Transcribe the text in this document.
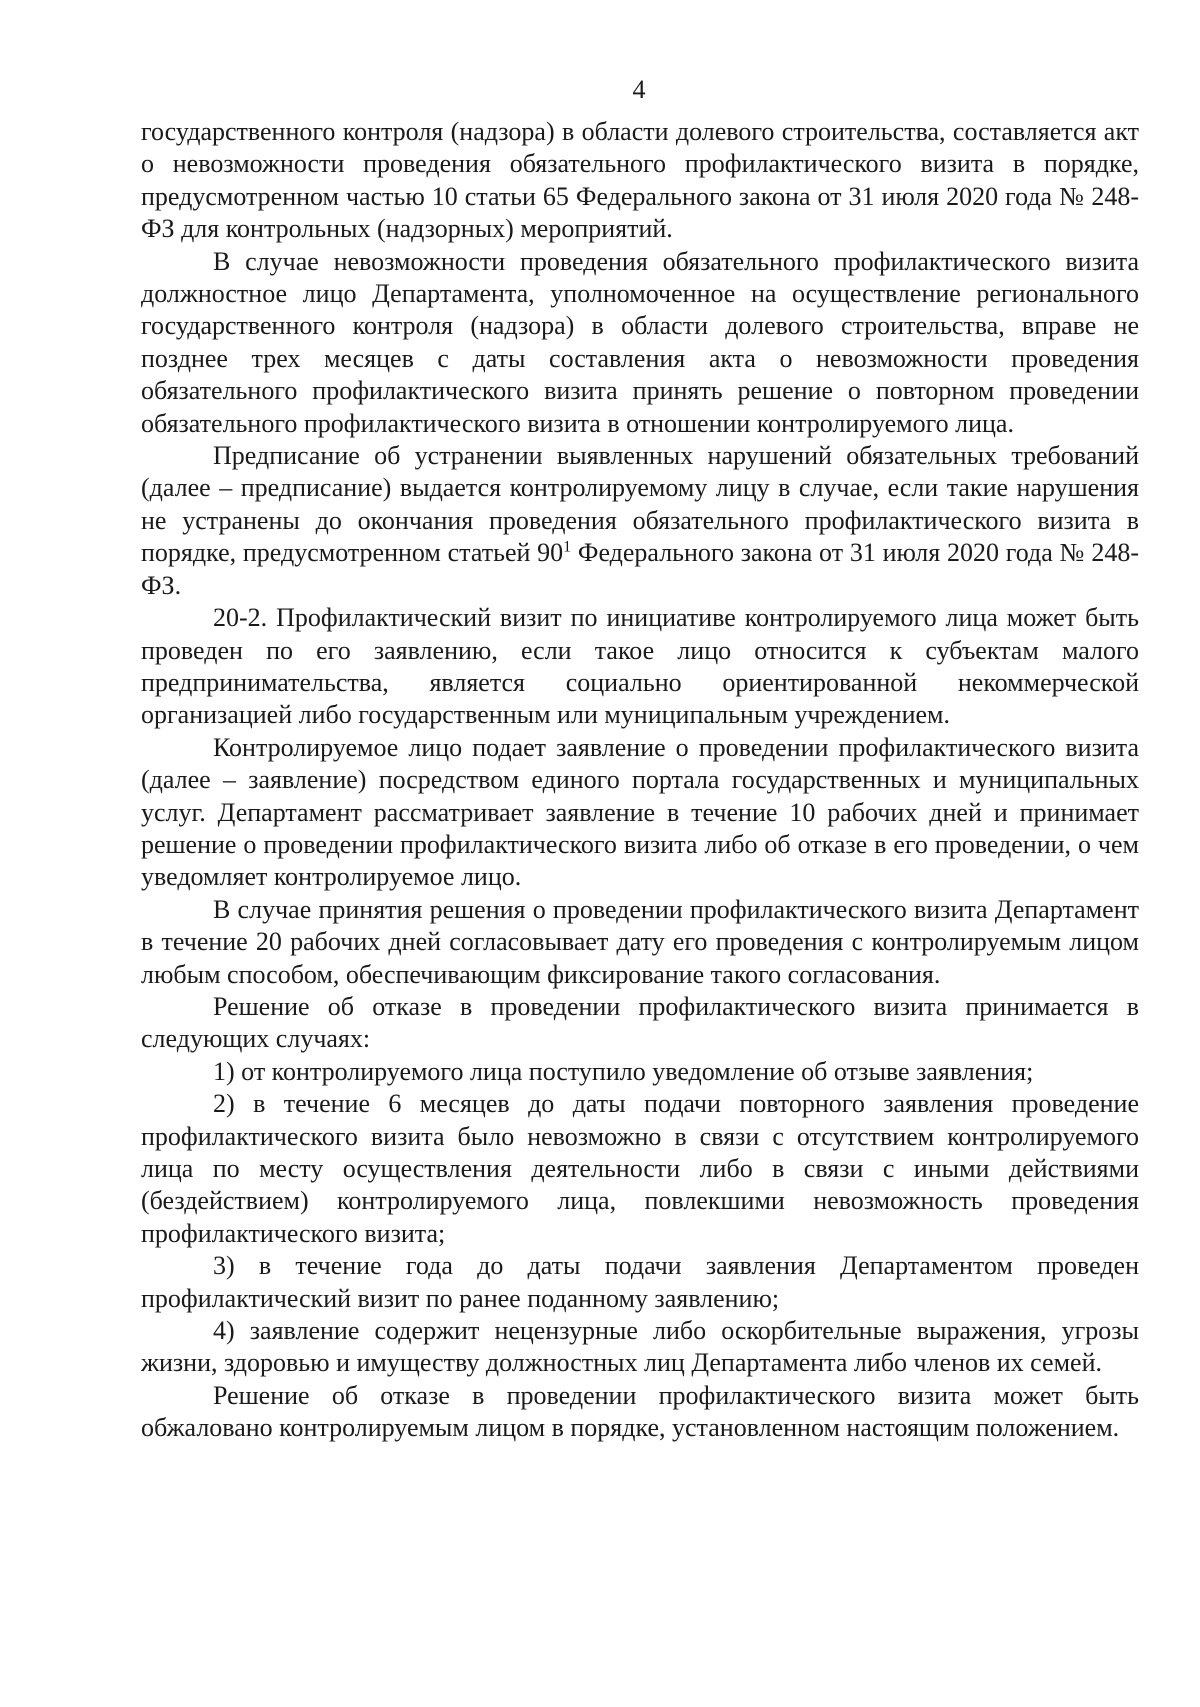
4

государственного контроля (надзора) в области долевого строительства, составляется акт о невозможности проведения обязательного профилактического визита в порядке, предусмотренном частью 10 статьи 65 Федерального закона от 31 июля 2020 года № 248-ФЗ для контрольных (надзорных) мероприятий.

В случае невозможности проведения обязательного профилактического визита должностное лицо Департамента, уполномоченное на осуществление регионального государственного контроля (надзора) в области долевого строительства, вправе не позднее трех месяцев с даты составления акта о невозможности проведения обязательного профилактического визита принять решение о повторном проведении обязательного профилактического визита в отношении контролируемого лица.

Предписание об устранении выявленных нарушений обязательных требований (далее – предписание) выдается контролируемому лицу в случае, если такие нарушения не устранены до окончания проведения обязательного профилактического визита в порядке, предусмотренном статьей $90^1$ Федерального закона от 31 июля 2020 года № 248-ФЗ.

20-2. Профилактический визит по инициативе контролируемого лица может быть проведен по его заявлению, если такое лицо относится к субъектам малого предпринимательства, является социально ориентированной некоммерческой организацией либо государственным или муниципальным учреждением.

Контролируемое лицо подает заявление о проведении профилактического визита (далее – заявление) посредством единого портала государственных и муниципальных услуг. Департамент рассматривает заявление в течение 10 рабочих дней и принимает решение о проведении профилактического визита либо об отказе в его проведении, о чем уведомляет контролируемое лицо.

В случае принятия решения о проведении профилактического визита Департамент в течение 20 рабочих дней согласовывает дату его проведения с контролируемым лицом любым способом, обеспечивающим фиксирование такого согласования.

Решение об отказе в проведении профилактического визита принимается в следующих случаях:

1) от контролируемого лица поступило уведомление об отзыве заявления;

2) в течение 6 месяцев до даты подачи повторного заявления проведение профилактического визита было невозможно в связи с отсутствием контролируемого лица по месту осуществления деятельности либо в связи с иными действиями (бездействием) контролируемого лица, повлекшими невозможность проведения профилактического визита;

3) в течение года до даты подачи заявления Департаментом проведен профилактический визит по ранее поданному заявлению;

4) заявление содержит нецензурные либо оскорбительные выражения, угрозы жизни, здоровью и имуществу должностных лиц Департамента либо членов их семей.

Решение об отказе в проведении профилактического визита может быть обжаловано контролируемым лицом в порядке, установленном настоящим положением.
